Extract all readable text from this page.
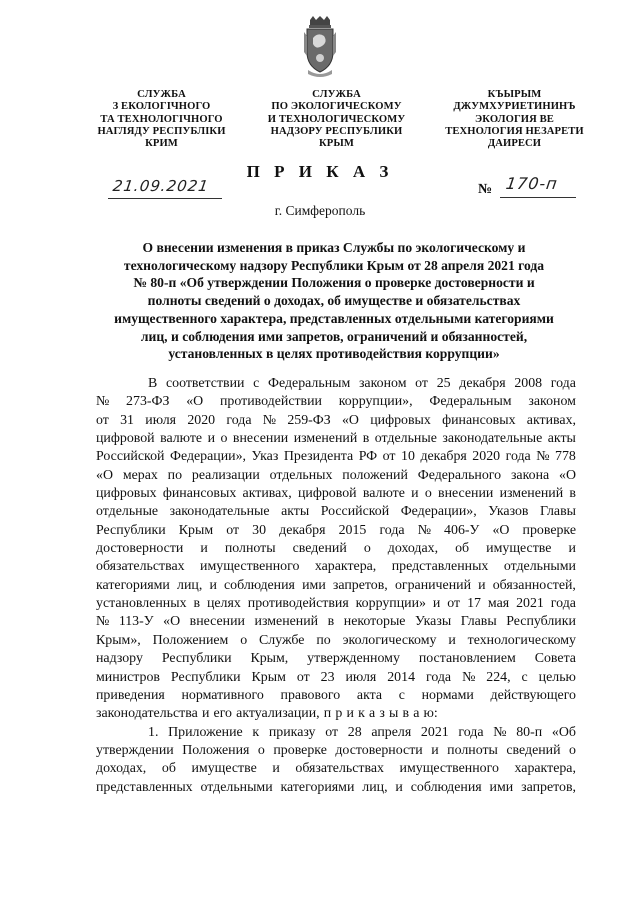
СЛУЖБА
З ЕКОЛОГІЧНОГО
ТА ТЕХНОЛОГІЧНОГО
НАГЛЯДУ РЕСПУБЛІКИ
КРИМ
СЛУЖБА
ПО ЭКОЛОГИЧЕСКОМУ
И ТЕХНОЛОГИЧЕСКОМУ
НАДЗОРУ РЕСПУБЛИКИ
КРЫМ
КЪЫРЫМ
ДЖУМХУРИЕТИНИНЪ
ЭКОЛОГИЯ ВЕ
ТЕХНОЛОГИЯ НЕЗАРЕТИ
ДАИРЕСИ
П Р И К А З
21.09.2021	№ 170-п
г. Симферополь
О внесении изменения в приказ Службы по экологическому и
технологическому надзору Республики Крым от 28 апреля 2021 года
№ 80-п «Об утверждении Положения о проверке достоверности и
полноты сведений о доходах, об имуществе и обязательствах
имущественного характера, представленных отдельными категориями
лиц, и соблюдения ими запретов, ограничений и обязанностей,
установленных в целях противодействия коррупции»
В соответствии с Федеральным законом от 25 декабря 2008 года
№ 273-ФЗ «О противодействии коррупции», Федеральным законом
от 31 июля 2020 года № 259-ФЗ «О цифровых финансовых активах,
цифровой валюте и о внесении изменений в отдельные законодательные акты
Российской Федерации», Указ Президента РФ от 10 декабря 2020 года № 778
«О мерах по реализации отдельных положений Федерального закона «О
цифровых финансовых активах, цифровой валюте и о внесении изменений в
отдельные законодательные акты Российской Федерации», Указов Главы
Республики Крым от 30 декабря 2015 года № 406-У «О проверке
достоверности и полноты сведений о доходах, об имуществе и
обязательствах имущественного характера, представленных отдельными
категориями лиц, и соблюдения ими запретов, ограничений и обязанностей,
установленных в целях противодействия коррупции» и от 17 мая 2021 года
№ 113-У «О внесении изменений в некоторые Указы Главы Республики
Крым», Положением о Службе по экологическому и технологическому
надзору Республики Крым, утвержденному постановлением Совета
министров Республики Крым от 23 июля 2014 года № 224, с целью
приведения нормативного правового акта с нормами действующего
законодательства и его актуализации, п р и к а з ы в а ю:
1. Приложение к приказу от 28 апреля 2021 года № 80-п «Об
утверждении Положения о проверке достоверности и полноты сведений о
доходах, об имуществе и обязательствах имущественного характера,
представленных отдельными категориями лиц, и соблюдения ими запретов,
